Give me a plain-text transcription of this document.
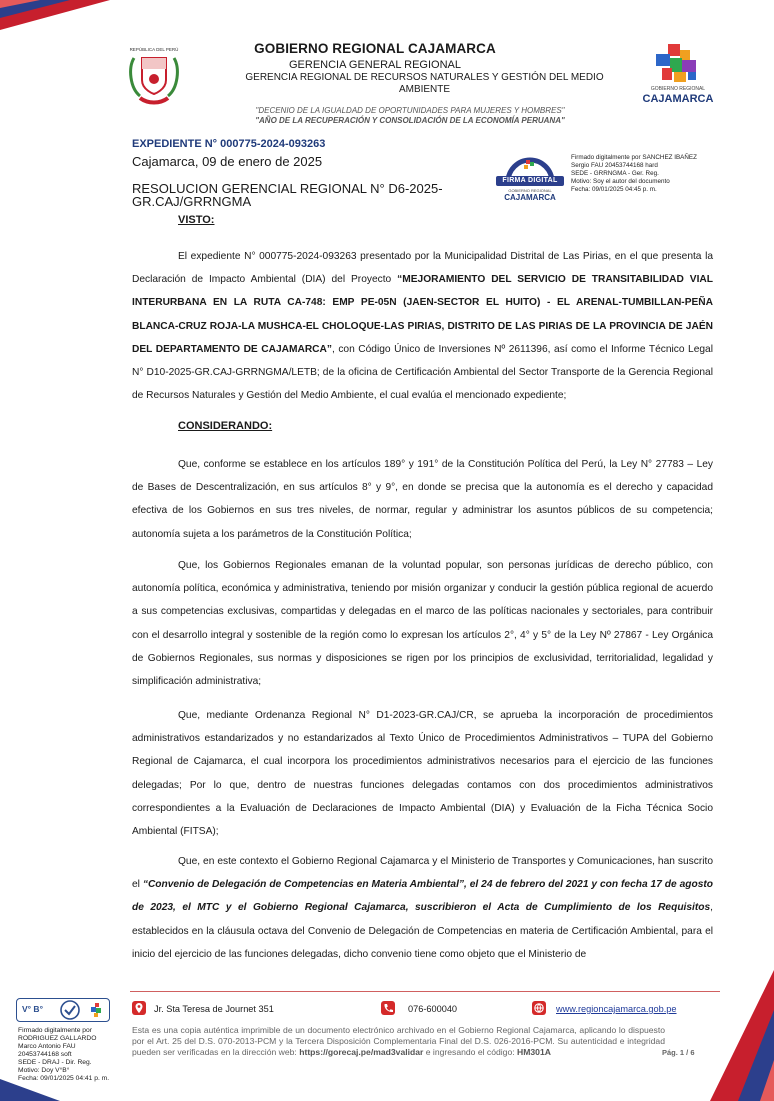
REPÚBLICA DEL PERÚ	GOBIERNO REGIONAL CAJAMARCA
GERENCIA GENERAL REGIONAL
GERENCIA REGIONAL DE RECURSOS NATURALES Y GESTIÓN DEL MEDIO AMBIENTE	GOBIERNO REGIONAL
CAJAMARCA
"DECENIO DE LA IGUALDAD DE OPORTUNIDADES PARA MUJERES Y HOMBRES"
"AÑO DE LA RECUPERACIÓN Y CONSOLIDACIÓN DE LA ECONOMÍA PERUANA"
EXPEDIENTE N° 000775-2024-093263
Cajamarca, 09 de enero de 2025
RESOLUCION GERENCIAL REGIONAL N° D6-2025-GR.CAJ/GRRNGMA
FIRMA DIGITAL
GOBIERNO REGIONAL
CAJAMARCA
Firmado digitalmente por SANCHEZ IBAÑEZ
Sergio FAU 20453744168 hard
SEDE - GRRNGMA - Ger. Reg.
Motivo: Soy el autor del documento
Fecha: 09/01/2025 04:45 p. m.
VISTO:
CONSIDERANDO:
El expediente N° 000775-2024-093263 presentado por la Municipalidad Distrital de Las Pirias, en el que presenta la Declaración de Impacto Ambiental (DIA) del Proyecto “MEJORAMIENTO DEL SERVICIO DE TRANSITABILIDAD VIAL INTERURBANA EN LA RUTA CA-748: EMP PE-05N (JAEN-SECTOR EL HUITO) - EL ARENAL-TUMBILLAN-PEÑA BLANCA-CRUZ ROJA-LA MUSHCA-EL CHOLOQUE-LAS PIRIAS, DISTRITO DE LAS PIRIAS DE LA PROVINCIA DE JAÉN DEL DEPARTAMENTO DE CAJAMARCA”, con Código Único de Inversiones Nº 2611396, así como el Informe Técnico Legal N° D10-2025-GR.CAJ-GRRNGMA/LETB; de la oficina de Certificación Ambiental del Sector Transporte de la Gerencia Regional de Recursos Naturales y Gestión del Medio Ambiente, el cual evalúa el mencionado expediente;
Que, conforme se establece en los artículos 189° y 191° de la Constitución Política del Perú, la Ley N° 27783 – Ley de Bases de Descentralización, en sus artículos 8° y 9°, en donde se precisa que la autonomía es el derecho y capacidad efectiva de los Gobiernos en sus tres niveles, de normar, regular y administrar los asuntos públicos de su competencia; autonomía sujeta a los parámetros de la Constitución Política;
Que, los Gobiernos Regionales emanan de la voluntad popular, son personas jurídicas de derecho público, con autonomía política, económica y administrativa, teniendo por misión organizar y conducir la gestión pública regional de acuerdo a sus competencias exclusivas, compartidas y delegadas en el marco de las políticas nacionales y sectoriales, para contribuir con el desarrollo integral y sostenible de la región como lo expresan los artículos 2°, 4° y 5° de la Ley Nº 27867 - Ley Orgánica de Gobiernos Regionales, sus normas y disposiciones se rigen por los principios de exclusividad, territorialidad, legalidad y simplificación administrativa;
Que, mediante Ordenanza Regional N° D1-2023-GR.CAJ/CR, se aprueba la incorporación de procedimientos administrativos estandarizados y no estandarizados al Texto Único de Procedimientos Administrativos – TUPA del Gobierno Regional de Cajamarca, el cual incorpora los procedimientos administrativos necesarios para el ejercicio de las funciones delegadas; Por lo que, dentro de nuestras funciones delegadas contamos con dos procedimientos administrativos correspondientes a la Evaluación de Declaraciones de Impacto Ambiental (DIA) y Evaluación de la Ficha Técnica Socio Ambiental (FITSA);
Que, en este contexto el Gobierno Regional Cajamarca y el Ministerio de Transportes y Comunicaciones, han suscrito el “Convenio de Delegación de Competencias en Materia Ambiental”, el 24 de febrero del 2021 y con fecha 17 de agosto de 2023, el MTC y el Gobierno Regional Cajamarca, suscribieron el Acta de Cumplimiento de los Requisitos, establecidos en la cláusula octava del Convenio de Delegación de Competencias en materia de Certificación Ambiental, para el inicio del ejercicio de las funciones delegadas, dicho convenio tiene como objeto que el Ministerio de
Jr. Sta Teresa de Journet 351	076-600040	www.regioncajamarca.gob.pe
Esta es una copia auténtica imprimible de un documento electrónico archivado en el Gobierno Regional Cajamarca, aplicando lo dispuesto por el Art. 25 del D.S. 070-2013-PCM y la Tercera Disposición Complementaria Final del D.S. 026-2016-PCM. Su autenticidad e integridad pueden ser verificadas en la dirección web: https://gorecaj.pe/mad3validar e ingresando el código: HM301A	Pág. 1 / 6
V° B°
Firmado digitalmente por
RODRIGUEZ GALLARDO
Marco Antonio FAU
20453744168 soft
SEDE - DRAJ - Dir. Reg.
Motivo: Doy V°B°
Fecha: 09/01/2025 04:41 p. m.
